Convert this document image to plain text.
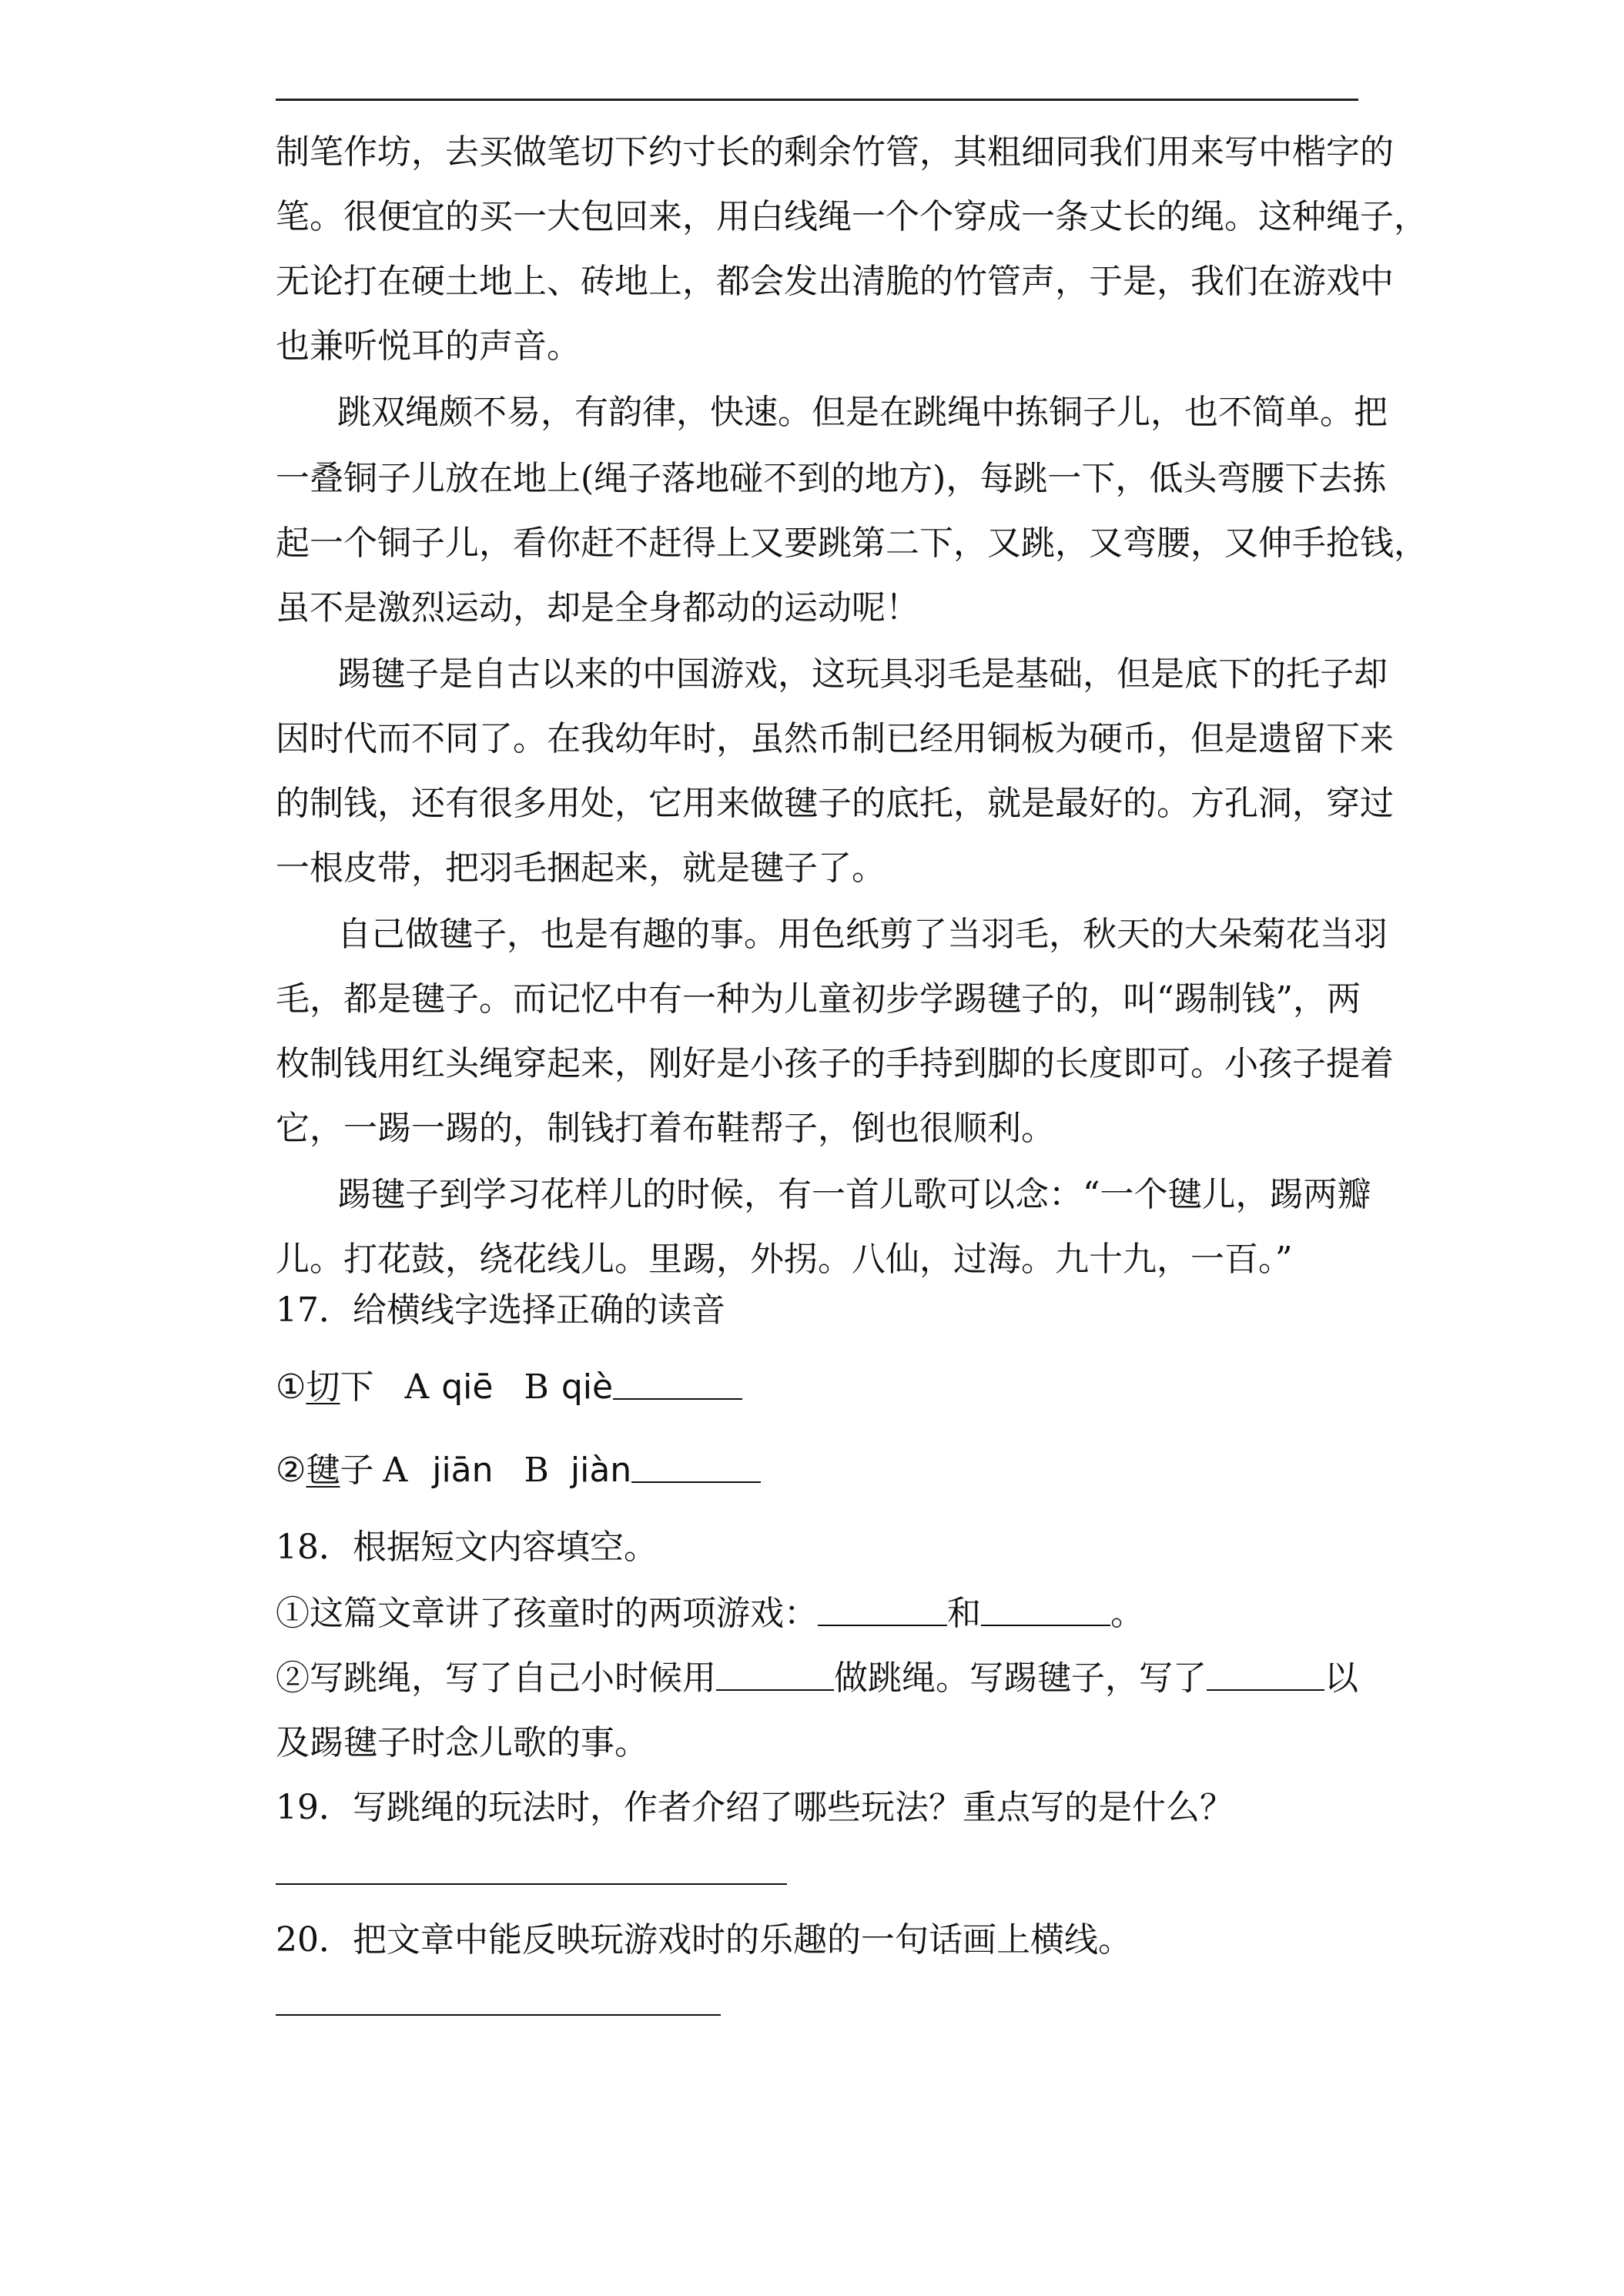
制 笔 作 坊 ， 去 买 做 笔 切 下 约 寸 长 的 剩 余 竹 管 ， 其 粗 细 同 我 们 用 来 写 中 楷 字 的
笔 。 很 便 宜 的 买 一 大 包 回 来 ， 用 白 线 绳 一 个 个 穿 成 一 条 丈 长 的 绳 。 这 种 绳 子 ，
无 论 打 在 硬 土 地 上 、 砖 地 上 ， 都 会 发 出 清 脆 的 竹 管 声 ， 于 是 ， 我 们 在 游 戏 中
也兼听悦耳的声音。
跳双绳颇不易，有韵律，快速。但是在跳绳中拣铜子儿，也不简单。把
一 叠 铜 子 儿 放 在 地 上 ( 绳 子 落 地 碰 不 到 的 地 方 ) ， 每 跳 一 下 ， 低 头 弯 腰 下 去 拣
起 一 个 铜 子 儿 ， 看 你 赶 不 赶 得 上 又 要 跳 第 二 下 ， 又 跳 ， 又 弯 腰 ， 又 伸 手 抢 钱 ，
虽不是激烈运动，却是全身都动的运动呢！
踢毽子是自古以来的中国游戏，这玩具羽毛是基础，但是底下的托子却
因 时 代 而 不 同 了 。 在 我 幼 年 时 ， 虽 然 币 制 已 经 用 铜 板 为 硬 币 ， 但 是 遗 留 下 来
的 制 钱 ， 还 有 很 多 用 处 ， 它 用 来 做 毽 子 的 底 托 ， 就 是 最 好 的 。 方 孔 洞 ， 穿 过
一根皮带，把羽毛捆起来，就是毽子了。
自己做毽子，也是有趣的事。用色纸剪了当羽毛，秋天的大朵菊花当羽
毛 ， 都 是 毽 子 。 而 记 忆 中 有 一 种 为 儿 童 初 步 学 踢 毽 子 的 ， 叫 “ 踢 制 钱 ” ， 两
枚 制 钱 用 红 头 绳 穿 起 来 ， 刚 好 是 小 孩 子 的 手 持 到 脚 的 长 度 即 可 。 小 孩 子 提 着
它，一踢一踢的，制钱打着布鞋帮子，倒也很顺利。
踢毽子到学习花样儿的时候，有一首儿歌可以念：“一个毽儿，踢两瓣
儿。打花鼓，绕花线儿。里踢，外拐。八仙，过海。九十九，一百。”
17．给横线字选择正确的读音
① 切 下 A qiē B qiè
② 毽 子 A jiān B jiàn
18．根据短文内容填空。
①这篇文章讲了孩童时的两项游戏：	和	。
②写跳绳，写了自己小时候用	做跳绳。写踢毽子，写了	以
及踢毽子时念儿歌的事。
19．写跳绳的玩法时，作者介绍了哪些玩法？重点写的是什么？
20．把文章中能反映玩游戏时的乐趣的一句话画上横线。
